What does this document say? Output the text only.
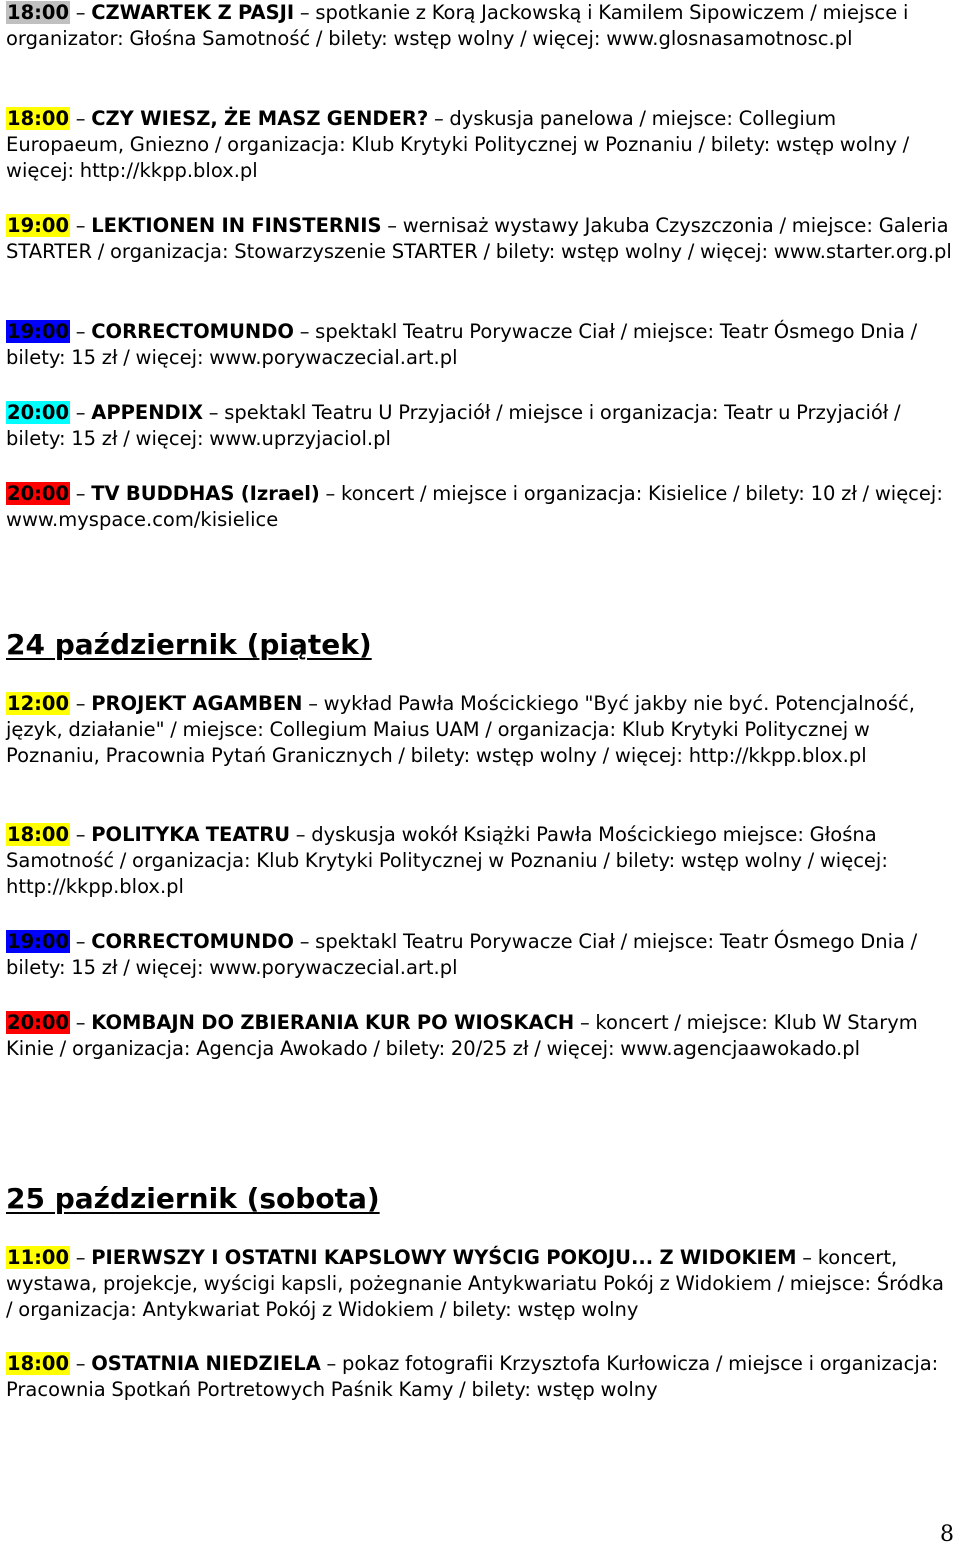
18:00 – CZWARTEK Z PASJI – spotkanie z Korą Jackowską i Kamilem Sipowiczem / miejsce i organizator: Głośna Samotność / bilety: wstęp wolny / więcej: www.glosnasamotnosc.pl
18:00 – CZY WIESZ, ŻE MASZ GENDER? – dyskusja panelowa / miejsce: Collegium Europaeum, Gniezno / organizacja: Klub Krytyki Politycznej w Poznaniu / bilety: wstęp wolny / więcej: http://kkpp.blox.pl
19:00 – LEKTIONEN IN FINSTERNIS – wernisaż wystawy Jakuba Czyszczonia / miejsce: Galeria STARTER / organizacja: Stowarzyszenie STARTER / bilety: wstęp wolny / więcej: www.starter.org.pl
19:00 – CORRECTOMUNDO – spektakl Teatru Porywacze Ciał / miejsce: Teatr Ósmego Dnia / bilety: 15 zł / więcej: www.porywaczecial.art.pl
20:00 – APPENDIX – spektakl Teatru U Przyjaciół / miejsce i organizacja: Teatr u Przyjaciół / bilety: 15 zł / więcej: www.uprzyjaciol.pl
20:00 – TV BUDDHAS (Izrael) – koncert / miejsce i organizacja: Kisielice / bilety: 10 zł / więcej: www.myspace.com/kisielice
24 październik (piątek)
12:00 – PROJEKT AGAMBEN – wykład Pawła Mościckiego "Być jakby nie być. Potencjalność, język, działanie" / miejsce: Collegium Maius UAM / organizacja: Klub Krytyki Politycznej w Poznaniu, Pracownia Pytań Granicznych / bilety: wstęp wolny / więcej: http://kkpp.blox.pl
18:00 – POLITYKA TEATRU – dyskusja wokół Książki Pawła Mościckiego miejsce: Głośna Samotność / organizacja: Klub Krytyki Politycznej w Poznaniu / bilety: wstęp wolny / więcej: http://kkpp.blox.pl
19:00 – CORRECTOMUNDO – spektakl Teatru Porywacze Ciał / miejsce: Teatr Ósmego Dnia / bilety: 15 zł / więcej: www.porywaczecial.art.pl
20:00 – KOMBAJN DO ZBIERANIA KUR PO WIOSKACH – koncert / miejsce: Klub W Starym Kinie / organizacja: Agencja Awokado / bilety: 20/25 zł / więcej: www.agencjaawokado.pl
25 październik (sobota)
11:00 – PIERWSZY I OSTATNI KAPSLOWY WYŚCIG POKOJU... Z WIDOKIEM – koncert, wystawa, projekcje, wyścigi kapsli, pożegnanie Antykwariatu Pokój z Widokiem / miejsce: Śródka / organizacja: Antykwariat Pokój z Widokiem / bilety: wstęp wolny
18:00 – OSTATNIA NIEDZIELA – pokaz fotografii Krzysztofa Kurłowicza / miejsce i organizacja: Pracownia Spotkań Portretowych Paśnik Kamy / bilety: wstęp wolny
8
